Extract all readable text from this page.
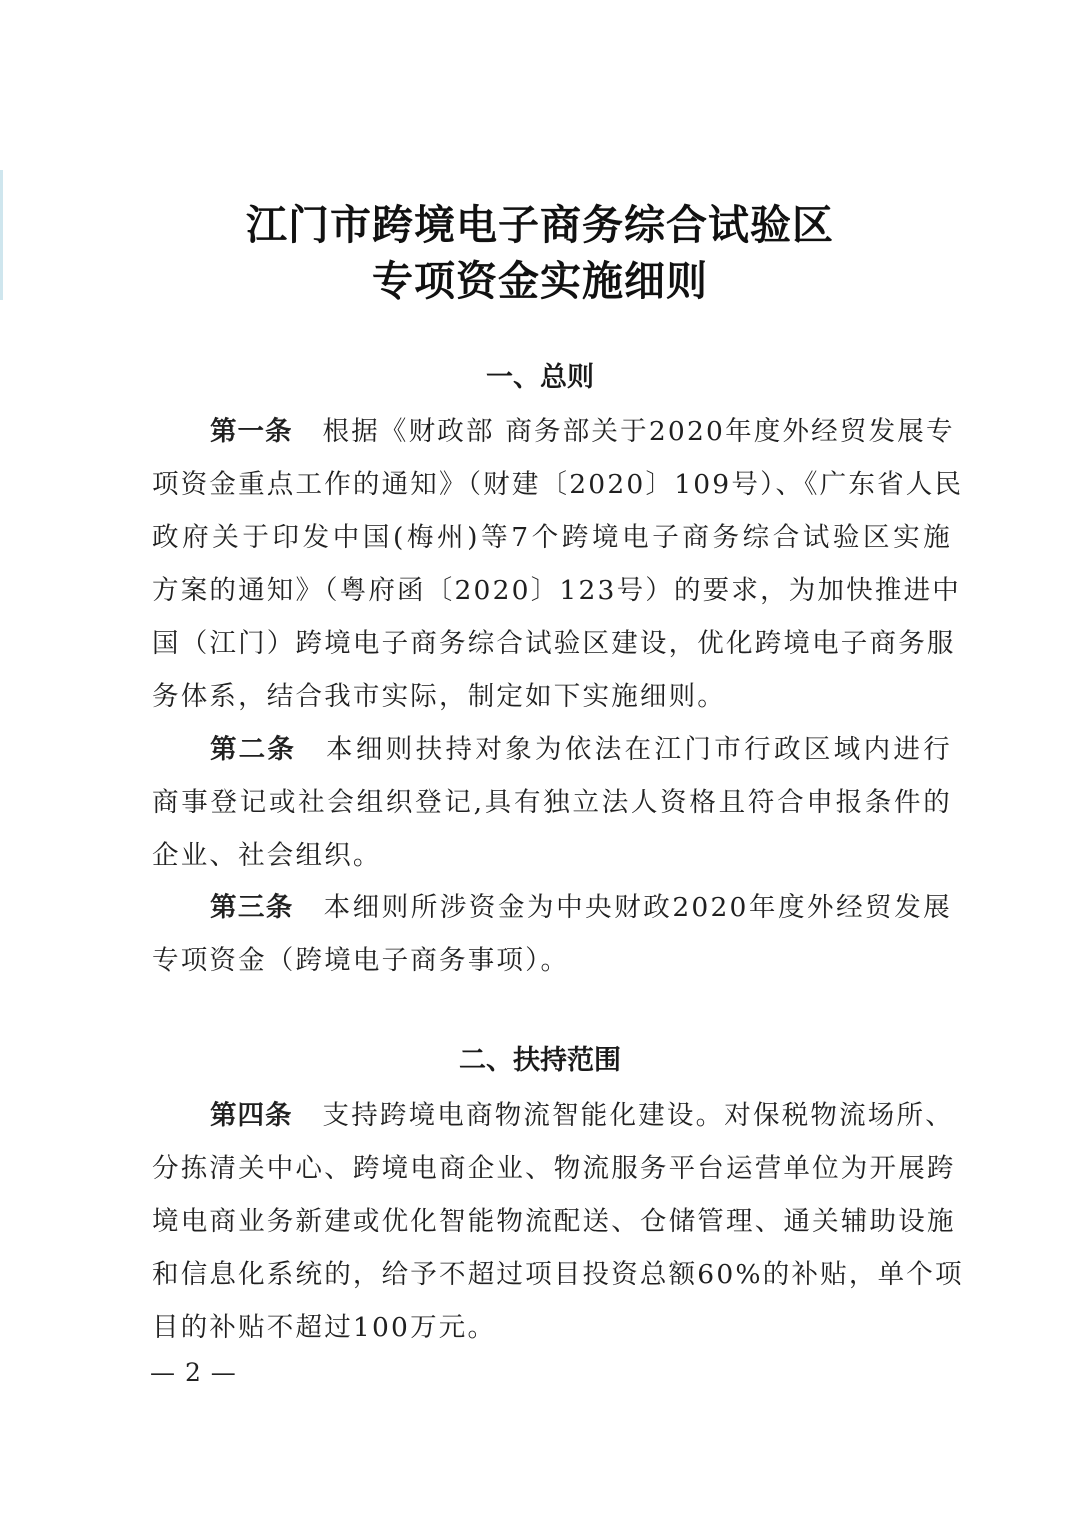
江门市跨境电子商务综合试验区
专项资金实施细则
一、总则
第一条 根据《财政部 商务部关于2020年度外经贸发展专
项资金重点工作的通知》（财建〔2020〕109号）、《广东省人民
政府关于印发中国(梅州)等7个跨境电子商务综合试验区实施
方案的通知》（粤府函〔2020〕123号）的要求，为加快推进中
国（江门）跨境电子商务综合试验区建设，优化跨境电子商务服
务体系，结合我市实际，制定如下实施细则。
第二条 本细则扶持对象为依法在江门市行政区域内进行
商事登记或社会组织登记,具有独立法人资格且符合申报条件的
企业、社会组织。
第三条 本细则所涉资金为中央财政2020年度外经贸发展
专项资金（跨境电子商务事项）。
二、扶持范围
第四条 支持跨境电商物流智能化建设。对保税物流场所、
分拣清关中心、跨境电商企业、物流服务平台运营单位为开展跨
境电商业务新建或优化智能物流配送、仓储管理、通关辅助设施
和信息化系统的，给予不超过项目投资总额60%的补贴，单个项
目的补贴不超过100万元。
— 2 —
